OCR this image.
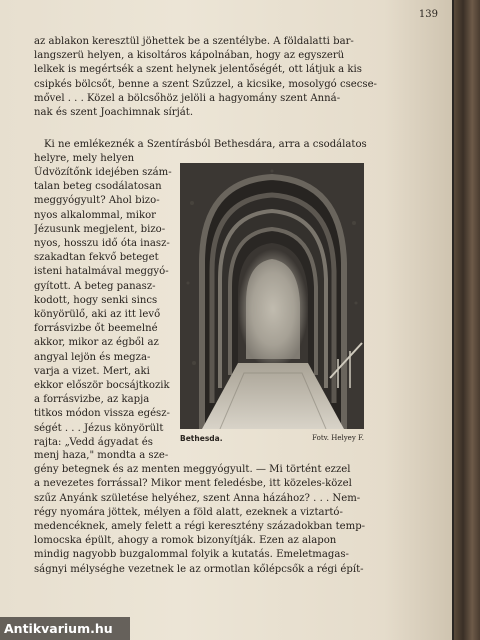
139
az ablakon keresztül jöhettek be a szentélybe. A földalatti bar-
langszerü helyen, a kisoltáros kápolnában, hogy az egyszerü
lelkek is megértsék a szent helynek jelentőségét, ott látjuk a kis
csipkés bölcsőt, benne a szent Szűzzel, a kicsike, mosolygó csecse-
mővel . . . Közel a bölcsőhöz jelöli a hagyomány szent Anná-
nak és szent Joachimnak sírját.
Ki ne emlékeznék a Szentírásból Bethesdára, arra a csodálatos
helyre, mely helyen
Üdvözítőnk idejében szám-
talan beteg csodálatosan
meggyógyult? Ahol bizo-
nyos alkalommal, mikor
Jézusunk megjelent, bizo-
nyos, hosszu idő óta inasz-
szakadtan fekvő beteget
isteni hatalmával meggyó-
gyított. A beteg panasz-
kodott, hogy senki sincs
könyörülő, aki az itt levő
forrásvizbe őt beemelné
akkor, mikor az égből az
angyal lejön és megza-
varja a vizet. Mert, aki
ekkor először bocsájtkozik
a forrásvizbe, az kapja
titkos módon vissza egész-
ségét . . . Jézus könyörült
rajta: „Vedd ágyadat és	Bethesda.	Fotv. Helyey F.
menj haza," mondta a sze-
gény betegnek és az menten meggyógyult. — Mi történt ezzel
a nevezetes forrással? Mikor ment feledésbe, itt közeles-közel
szűz Anyánk születése helyéhez, szent Anna házához? . . . Nem-
régy nyomára jöttek, mélyen a föld alatt, ezeknek a viztartó-
medencéknek, amely felett a régi keresztény századokban temp-
lomocska épült, ahogy a romok bizonyítják. Ezen az alapon
mindig nagyobb buzgalommal folyik a kutatás. Emeletmagas-
ságnyi mélységhe vezetnek le az ormotlan kőlépcsők a régi épít-
Antikvarium.hu
